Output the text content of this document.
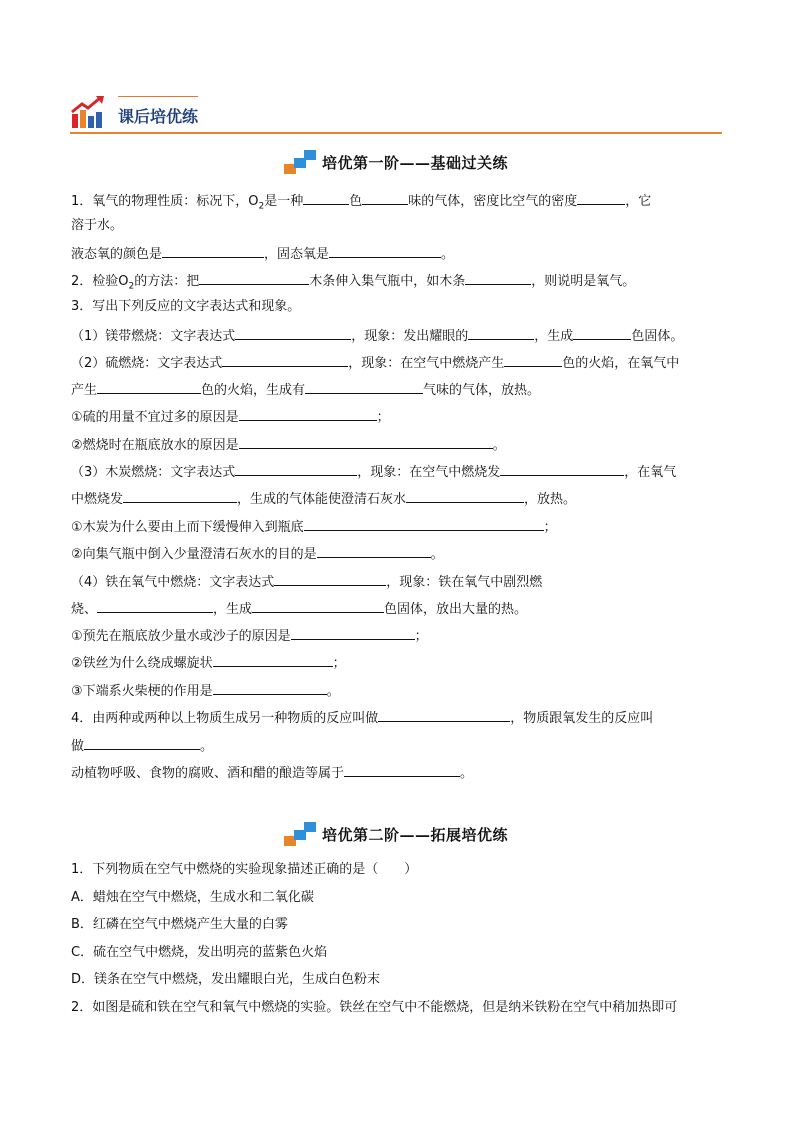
课后培优练
培优第一阶——基础过关练
1．氧气的物理性质：标况下，$O_2$是一种	色	味的气体，密度比空气的密度	，它
溶于水。
液态氧的颜色是	，固态氧是	。
2．检验$O_2$的方法：把	木条伸入集气瓶中，如木条	，则说明是氧气。
3．写出下列反应的文字表达式和现象。
（1）镁带燃烧：文字表达式	，现象：发出耀眼的	，生成	色固体。
（2）硫燃烧：文字表达式	，现象：在空气中燃烧产生	色的火焰，在氧气中
产生	色的火焰，生成有	气味的气体，放热。
①硫的用量不宜过多的原因是	；
②燃烧时在瓶底放水的原因是	。
（3）木炭燃烧：文字表达式	，现象：在空气中燃烧发	，在氧气
中燃烧发	，生成的气体能使澄清石灰水	，放热。
①木炭为什么要由上而下缓慢伸入到瓶底	；
②向集气瓶中倒入少量澄清石灰水的目的是	。
（4）铁在氧气中燃烧：文字表达式	，现象：铁在氧气中剧烈燃
烧、	，生成	色固体，放出大量的热。
①预先在瓶底放少量水或沙子的原因是	；
②铁丝为什么绕成螺旋状	；
③下端系火柴梗的作用是	。
4．由两种或两种以上物质生成另一种物质的反应叫做	，物质跟氧发生的反应叫
做	。
动植物呼吸、食物的腐败、酒和醋的酿造等属于	。
培优第二阶——拓展培优练
1．下列物质在空气中燃烧的实验现象描述正确的是（　　）
A．蜡烛在空气中燃烧，生成水和二氧化碳
B．红磷在空气中燃烧产生大量的白雾
C．硫在空气中燃烧，发出明亮的蓝紫色火焰
D．镁条在空气中燃烧，发出耀眼白光，生成白色粉末
2．如图是硫和铁在空气和氧气中燃烧的实验。铁丝在空气中不能燃烧，但是纳米铁粉在空气中稍加热即可
